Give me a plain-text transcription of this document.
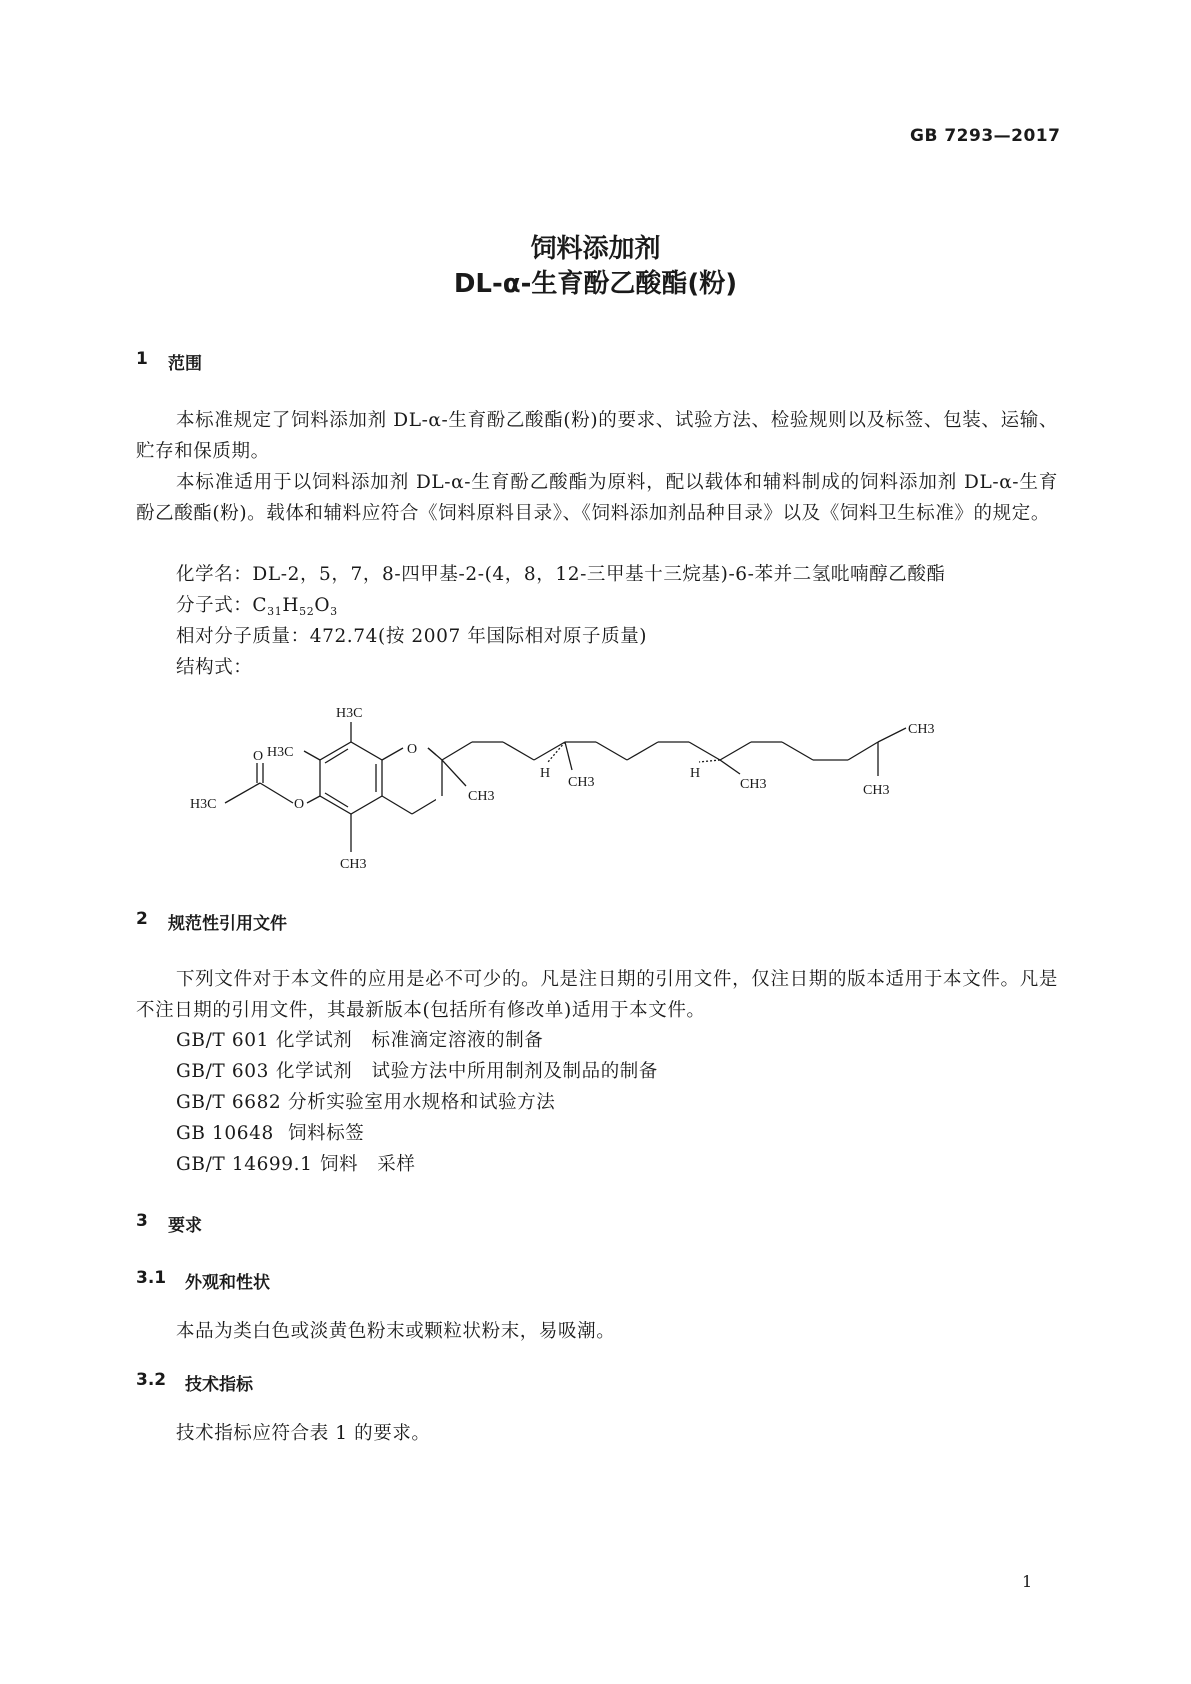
GB 7293—2017
饲料添加剂
DL-α-生育酚乙酸酯(粉)
1 范围
本标准规定了饲料添加剂 DL-α-生育酚乙酸酯(粉)的要求、试验方法、检验规则以及标签、包装、运输、贮存和保质期。
本标准适用于以饲料添加剂 DL-α-生育酚乙酸酯为原料，配以载体和辅料制成的饲料添加剂 DL-α-生育酚乙酸酯(粉)。载体和辅料应符合《饲料原料目录》、《饲料添加剂品种目录》以及《饲料卫生标准》的规定。
化学名：DL-2，5，7，8-四甲基-2-(4，8，12-三甲基十三烷基)-6-苯并二氢吡喃醇乙酸酯
分子式：$C_{31}H_{52}O_3$
相对分子质量：472.74(按 2007 年国际相对原子质量)
结构式：
H3C
H3C	O
O
O
H3C
CH3
CH3
H
CH3
H
CH3
CH3
CH3
2 规范性引用文件
下列文件对于本文件的应用是必不可少的。凡是注日期的引用文件，仅注日期的版本适用于本文件。凡是不注日期的引用文件，其最新版本(包括所有修改单)适用于本文件。
GB/T 601 化学试剂　标准滴定溶液的制备
GB/T 603 化学试剂　试验方法中所用制剂及制品的制备
GB/T 6682 分析实验室用水规格和试验方法
GB 10648 饲料标签
GB/T 14699.1 饲料　采样
3 要求
3.1 外观和性状
本品为类白色或淡黄色粉末或颗粒状粉末，易吸潮。
3.2 技术指标
技术指标应符合表 1 的要求。
1
